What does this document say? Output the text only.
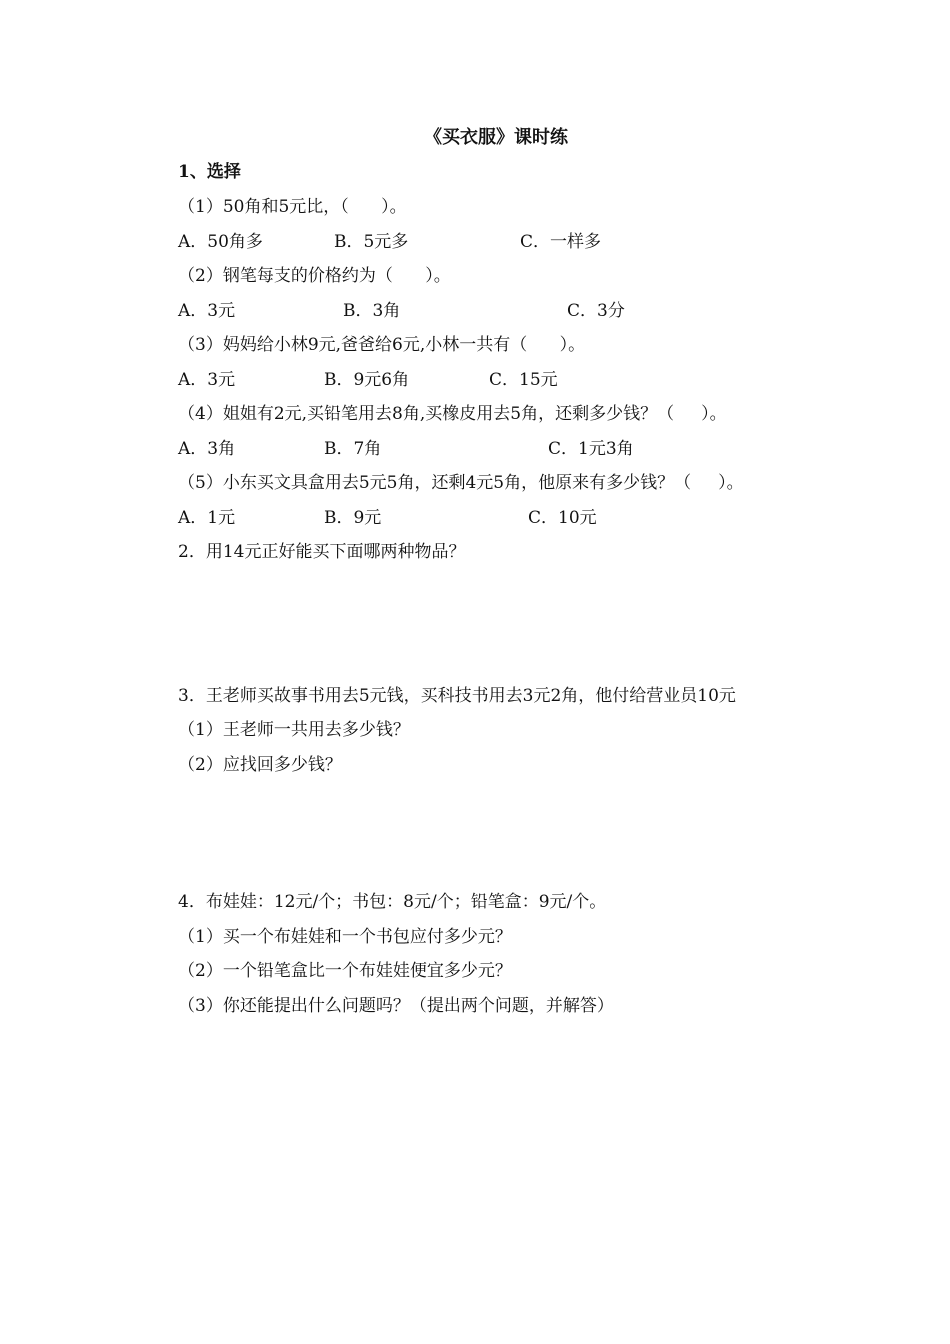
《买衣服》课时练
1、选择
（1）50角和5元比，（      ）。
A．50角多	B．5元多	C．一样多
（2）钢笔每支的价格约为（      ）。
A．3元	B．3角	C．3分
（3）妈妈给小林9元,爸爸给6元,小林一共有（      ）。
A．3元	B．9元6角	C．15元
（4）姐姐有2元,买铅笔用去8角,买橡皮用去5角，还剩多少钱？（     ）。
A．3角	B．7角	C．1元3角
（5）小东买文具盒用去5元5角，还剩4元5角，他原来有多少钱？（     ）。
A．1元	B．9元	C．10元
2．用14元正好能买下面哪两种物品？
3．王老师买故事书用去5元钱，买科技书用去3元2角，他付给营业员10元
（1）王老师一共用去多少钱？
（2）应找回多少钱？
4．布娃娃：12元/个；书包：8元/个；铅笔盒：9元/个。
（1）买一个布娃娃和一个书包应付多少元？
（2）一个铅笔盒比一个布娃娃便宜多少元？
（3）你还能提出什么问题吗？（提出两个问题，并解答）
